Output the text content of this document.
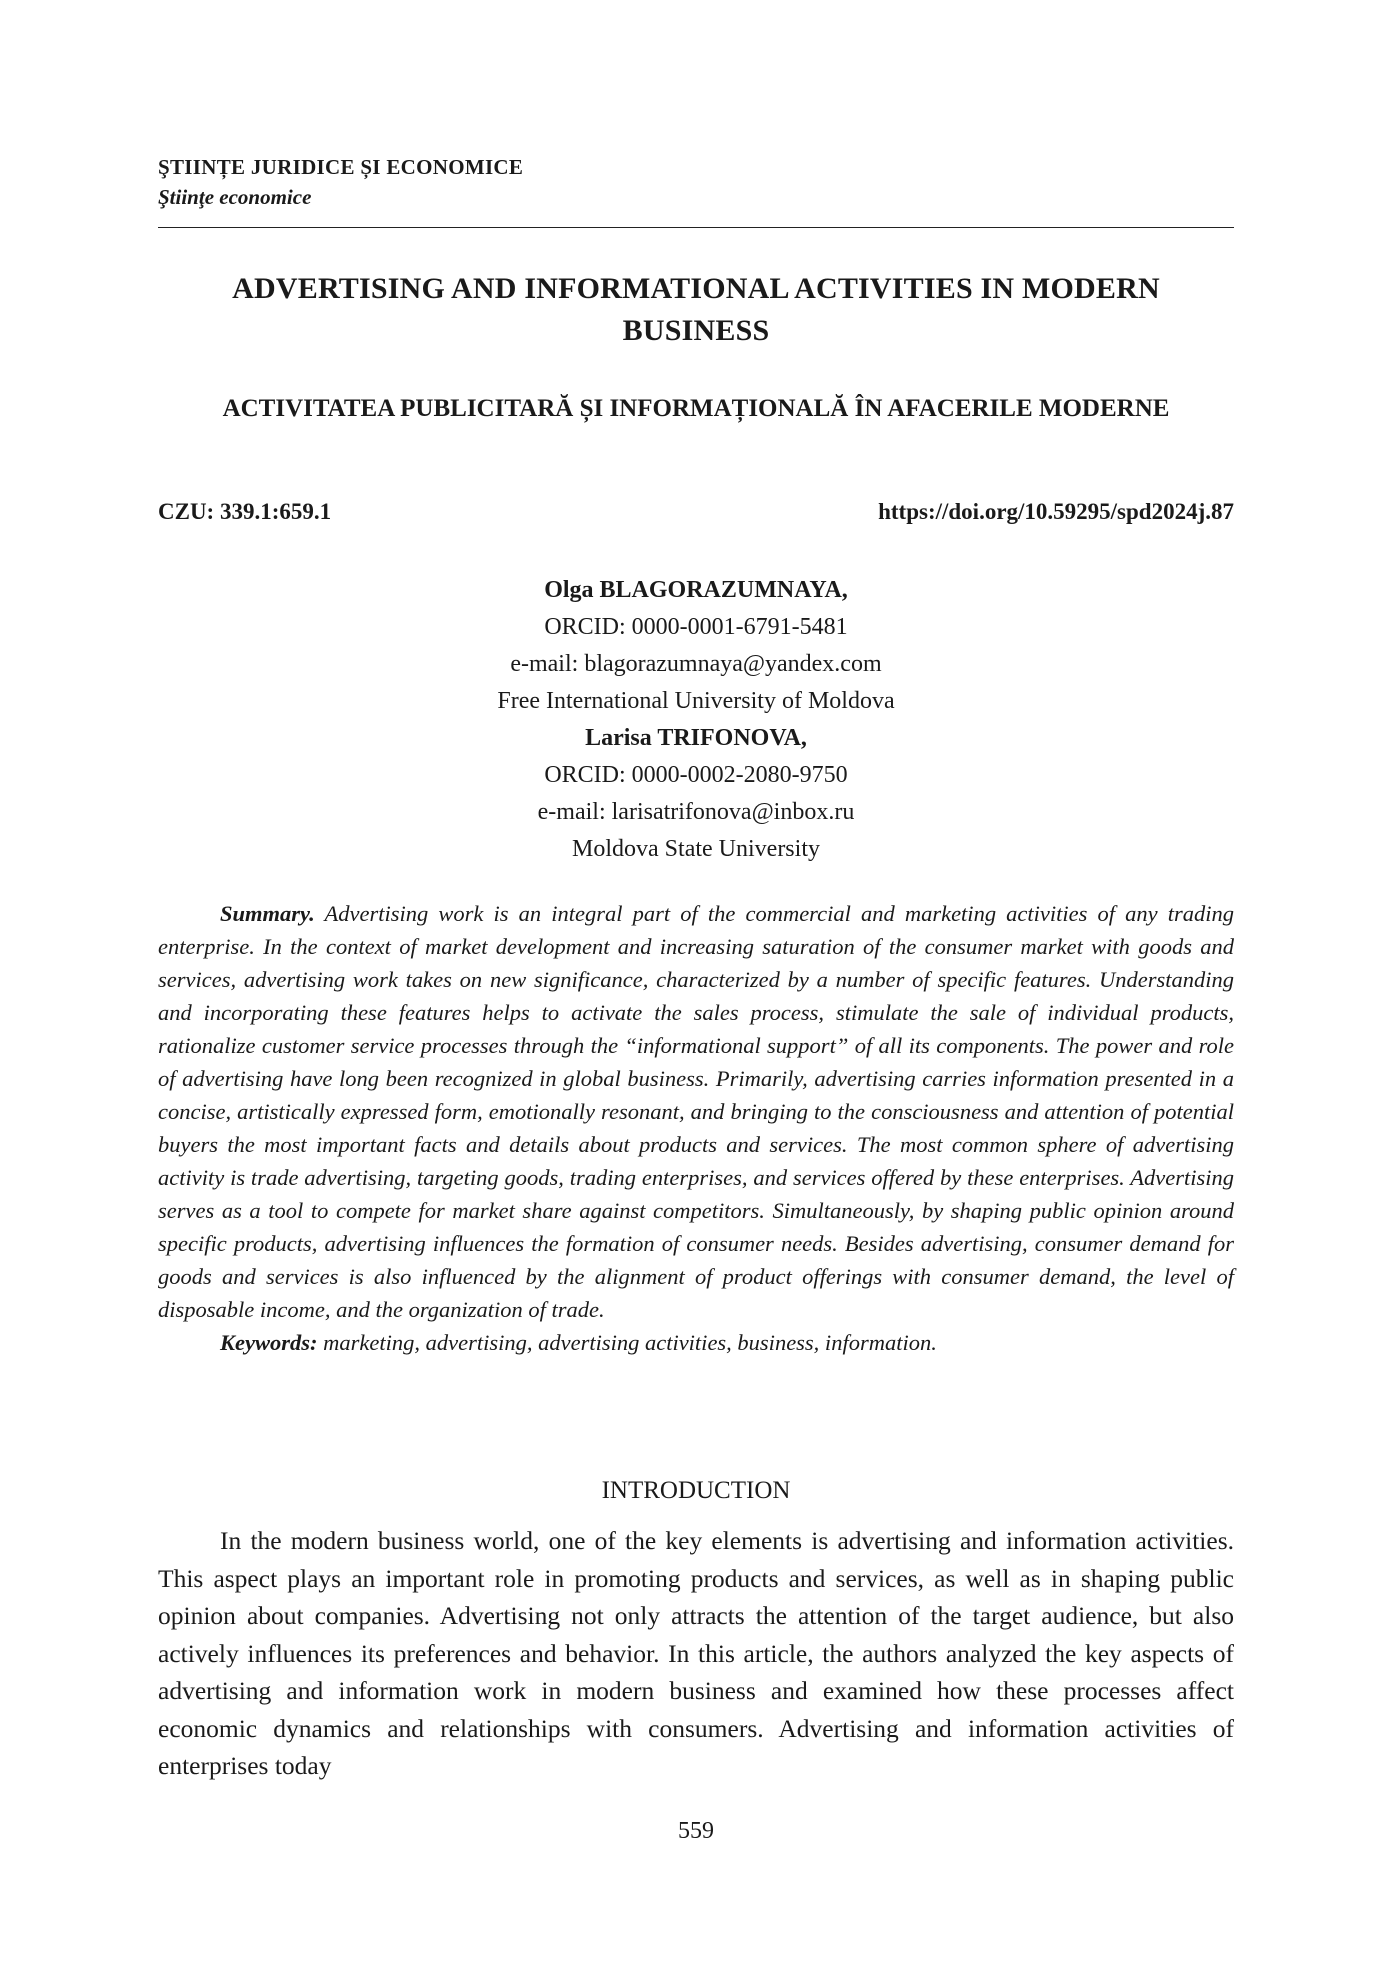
ŞTIINȚE JURIDICE ȘI ECONOMICE
Ştiinţe economice
ADVERTISING AND INFORMATIONAL ACTIVITIES IN MODERN BUSINESS
ACTIVITATEA PUBLICITARĂ ȘI INFORMAȚIONALĂ ÎN AFACERILE MODERNE
CZU: 339.1:659.1	https://doi.org/10.59295/spd2024j.87
Olga BLAGORAZUMNAYA,
ORCID: 0000-0001-6791-5481
e-mail: blagorazumnaya@yandex.com
Free International University of Moldova
Larisa TRIFONOVA,
ORCID: 0000-0002-2080-9750
e-mail: larisatrifonova@inbox.ru
Moldova State University

Summary. Advertising work is an integral part of the commercial and marketing activities of any trading enterprise. In the context of market development and increasing saturation of the consumer market with goods and services, advertising work takes on new significance, characterized by a number of specific features. Understanding and incorporating these features helps to activate the sales process, stimulate the sale of individual products, rationalize customer service processes through the “informational support” of all its components. The power and role of advertising have long been recognized in global business. Primarily, advertising carries information presented in a concise, artistically expressed form, emotionally resonant, and bringing to the consciousness and attention of potential buyers the most important facts and details about products and services. The most common sphere of advertising activity is trade advertising, targeting goods, trading enterprises, and services offered by these enterprises. Advertising serves as a tool to compete for market share against competitors. Simultaneously, by shaping public opinion around specific products, advertising influences the formation of consumer needs. Besides advertising, consumer demand for goods and services is also influenced by the alignment of product offerings with consumer demand, the level of disposable income, and the organization of trade.

Keywords: marketing, advertising, advertising activities, business, information.

INTRODUCTION

In the modern business world, one of the key elements is advertising and information activities. This aspect plays an important role in promoting products and services, as well as in shaping public opinion about companies. Advertising not only attracts the attention of the target audience, but also actively influences its preferences and behavior. In this article, the authors analyzed the key aspects of advertising and information work in modern business and examined how these processes affect economic dynamics and relationships with consumers. Advertising and information activities of enterprises today

559
